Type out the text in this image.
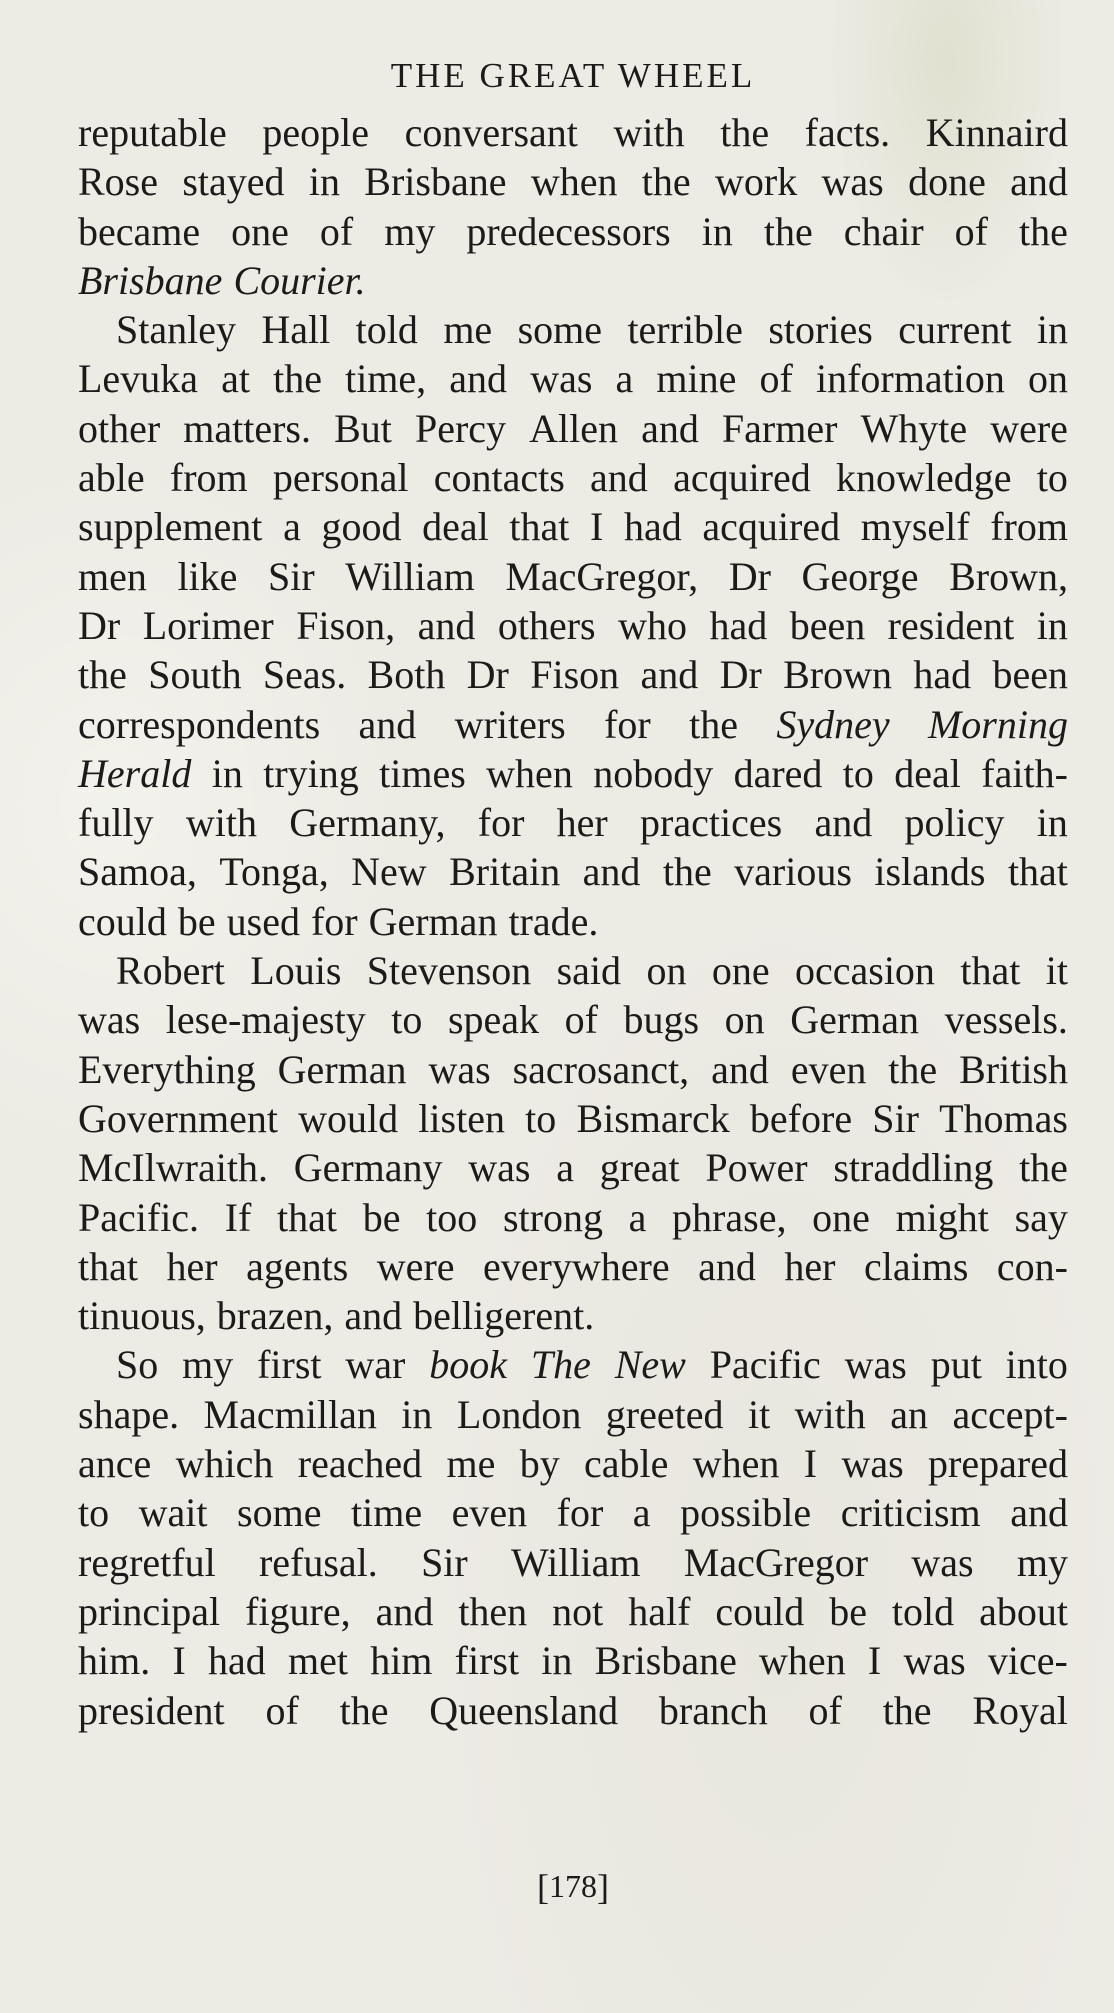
THE GREAT WHEEL
reputable people conversant with the facts. Kinnaird
Rose stayed in Brisbane when the work was done and
became one of my predecessors in the chair of the
Brisbane Courier.
Stanley Hall told me some terrible stories current in
Levuka at the time, and was a mine of information on
other matters. But Percy Allen and Farmer Whyte were
able from personal contacts and acquired knowledge to
supplement a good deal that I had acquired myself from
men like Sir William MacGregor, Dr George Brown,
Dr Lorimer Fison, and others who had been resident in
the South Seas. Both Dr Fison and Dr Brown had been
correspondents and writers for the Sydney Morning
Herald in trying times when nobody dared to deal faith-
fully with Germany, for her practices and policy in
Samoa, Tonga, New Britain and the various islands that
could be used for German trade.
Robert Louis Stevenson said on one occasion that it
was lese-majesty to speak of bugs on German vessels.
Everything German was sacrosanct, and even the British
Government would listen to Bismarck before Sir Thomas
McIlwraith. Germany was a great Power straddling the
Pacific. If that be too strong a phrase, one might say
that her agents were everywhere and her claims con-
tinuous, brazen, and belligerent.
So my first war book The New Pacific was put into
shape. Macmillan in London greeted it with an accept-
ance which reached me by cable when I was prepared
to wait some time even for a possible criticism and
regretful refusal. Sir William MacGregor was my
principal figure, and then not half could be told about
him. I had met him first in Brisbane when I was vice-
president of the Queensland branch of the Royal
[178]
